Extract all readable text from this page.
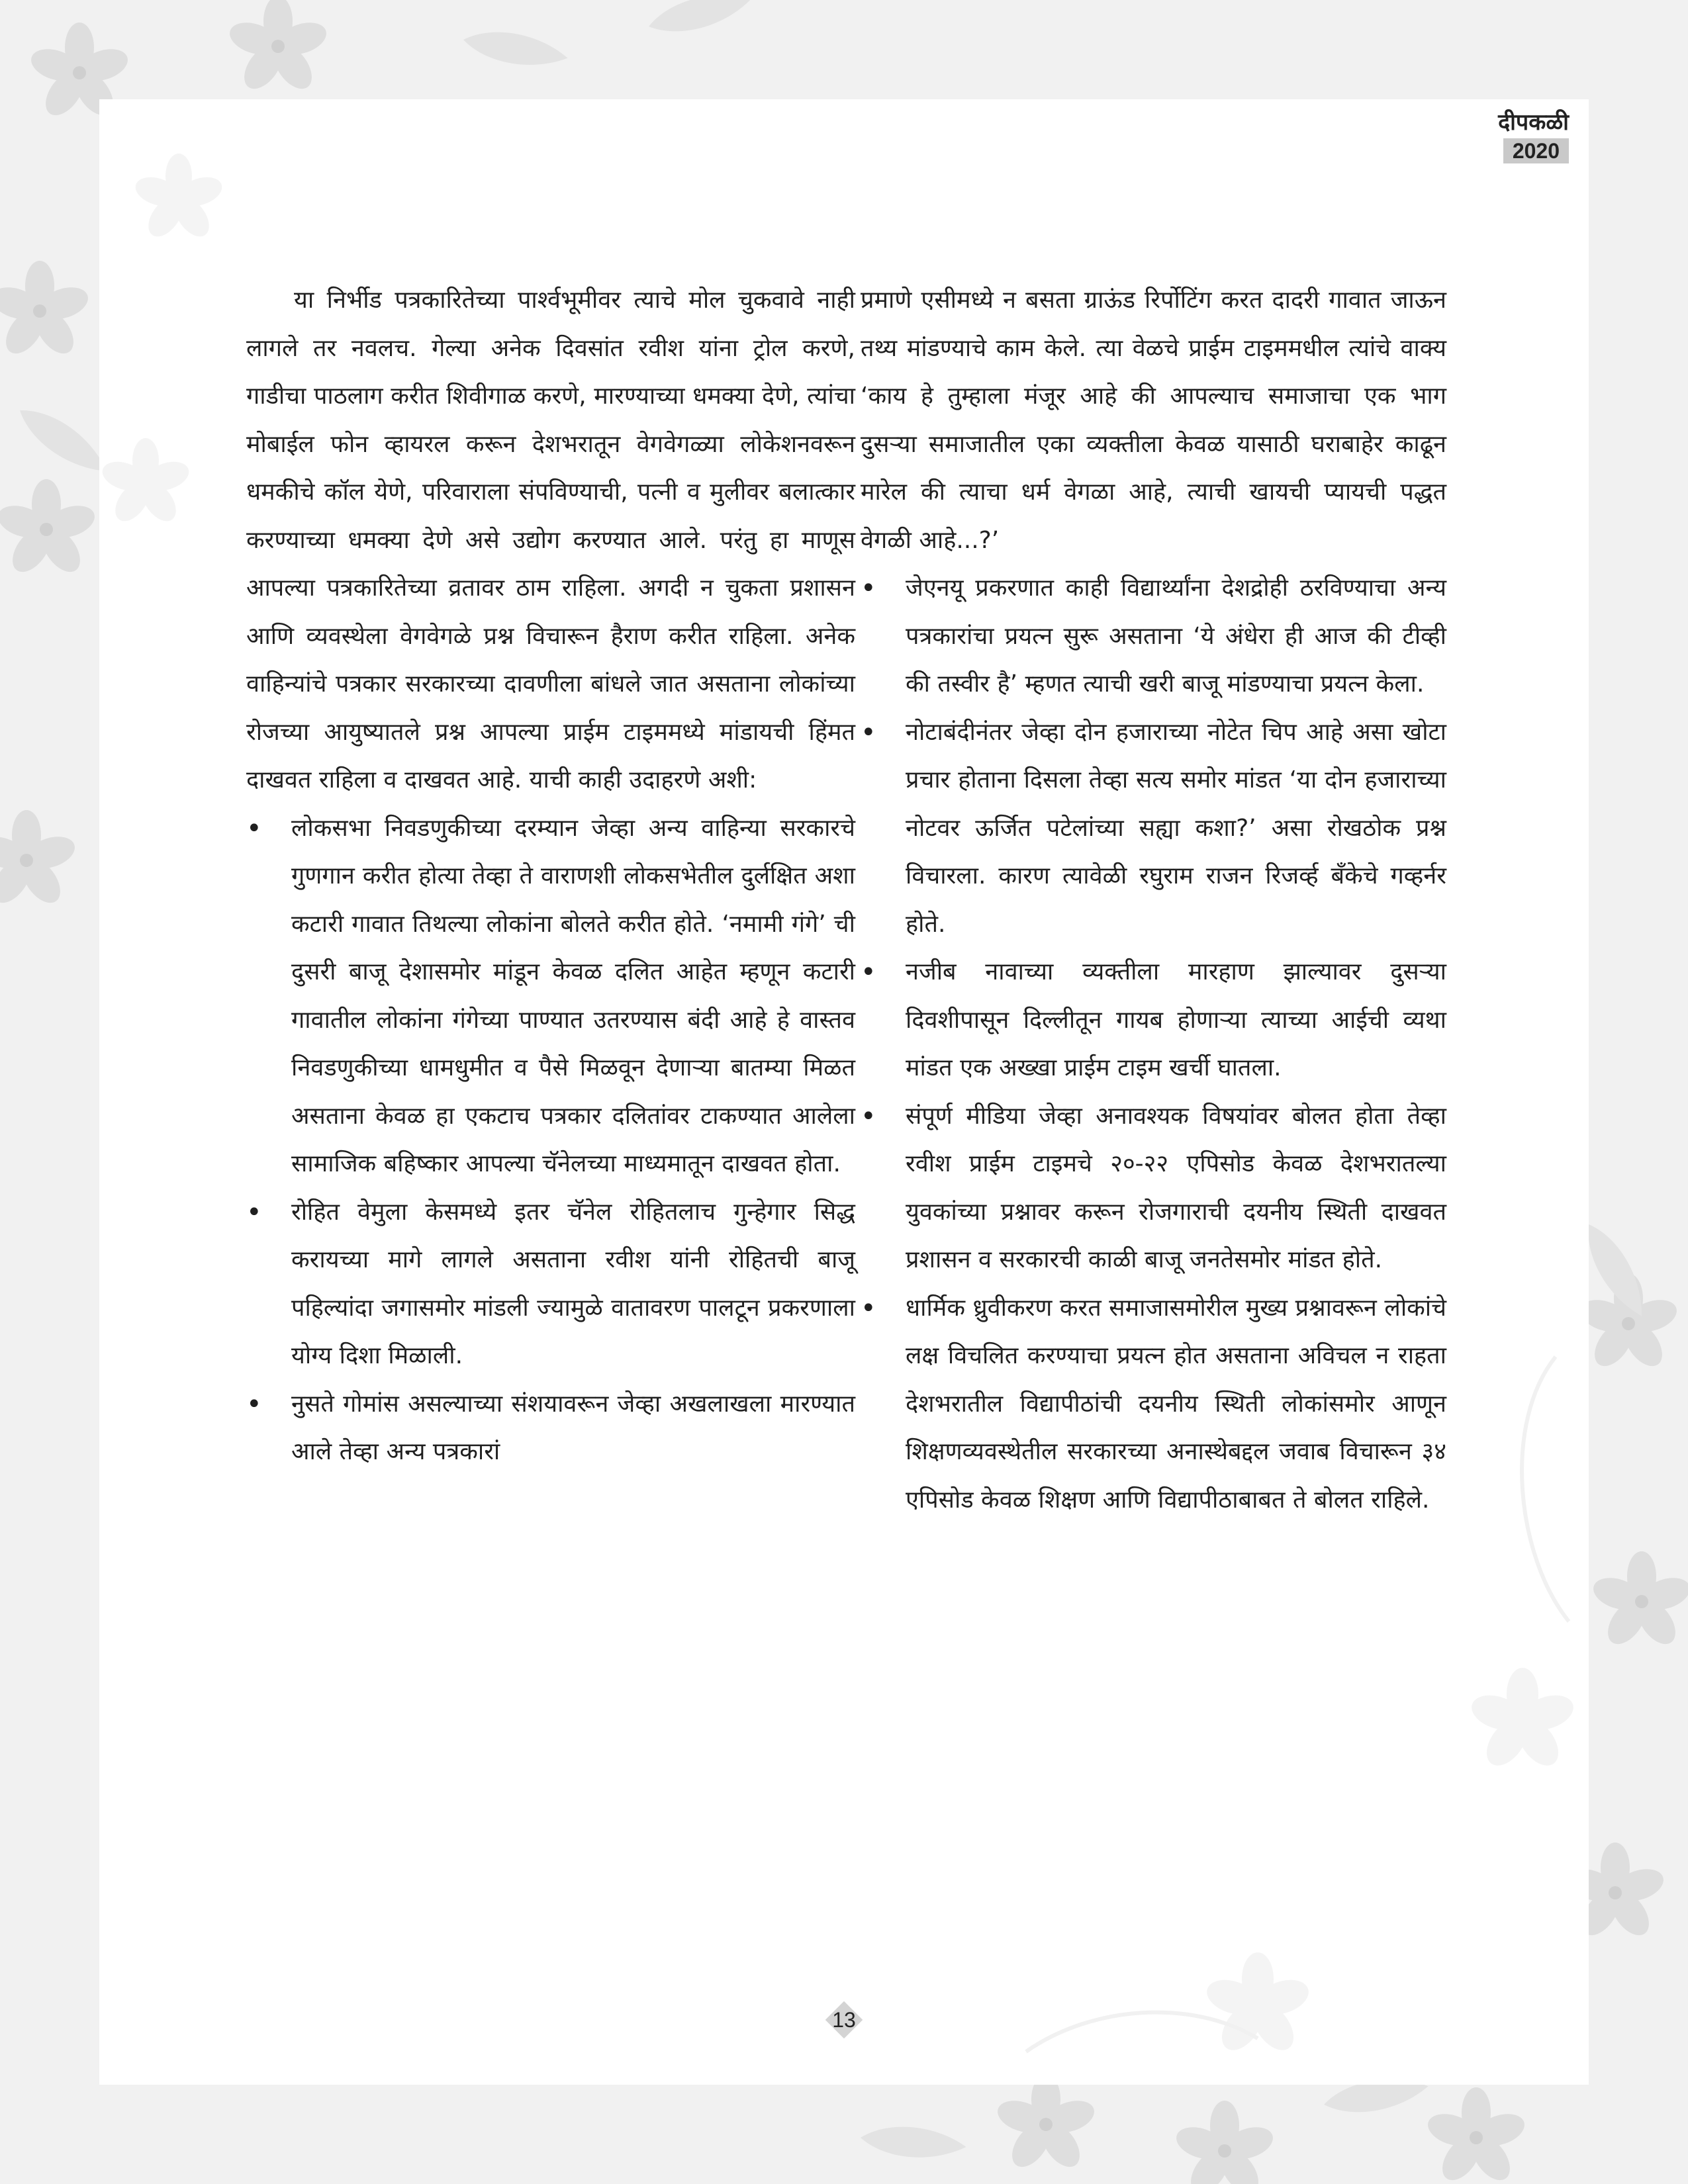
दीपकळी
2020

या निर्भीड पत्रकारितेच्या पार्श्वभूमीवर त्याचे मोल चुकवावे नाही लागले तर नवलच. गेल्या अनेक दिवसांत रवीश यांना ट्रोल करणे, गाडीचा पाठलाग करीत शिवीगाळ करणे, मारण्याच्या धमक्या देणे, त्यांचा मोबाईल फोन व्हायरल करून देशभरातून वेगवेगळ्या लोकेशनवरून धमकीचे कॉल येणे, परिवाराला संपविण्याची, पत्नी व मुलीवर बलात्कार करण्याच्या धमक्या देणे असे उद्योग करण्यात आले. परंतु हा माणूस आपल्या पत्रकारितेच्या व्रतावर ठाम राहिला. अगदी न चुकता प्रशासन आणि व्यवस्थेला वेगवेगळे प्रश्न विचारून हैराण करीत राहिला. अनेक वाहिन्यांचे पत्रकार सरकारच्या दावणीला बांधले जात असताना लोकांच्या रोजच्या आयुष्यातले प्रश्न आपल्या प्राईम टाइममध्ये मांडायची हिंमत दाखवत राहिला व दाखवत आहे. याची काही उदाहरणे अशी:

• लोकसभा निवडणुकीच्या दरम्यान जेव्हा अन्य वाहिन्या सरकारचे गुणगान करीत होत्या तेव्हा ते वाराणशी लोकसभेतील दुर्लक्षित अशा कटारी गावात तिथल्या लोकांना बोलते करीत होते. ‘नमामी गंगे’ ची दुसरी बाजू देशासमोर मांडून केवळ दलित आहेत म्हणून कटारी गावातील लोकांना गंगेच्या पाण्यात उतरण्यास बंदी आहे हे वास्तव निवडणुकीच्या धामधुमीत व पैसे मिळवून देणाऱ्या बातम्या मिळत असताना केवळ हा एकटाच पत्रकार दलितांवर टाकण्यात आलेला सामाजिक बहिष्कार आपल्या चॅनेलच्या माध्यमातून दाखवत होता.
• रोहित वेमुला केसमध्ये इतर चॅनेल रोहितलाच गुन्हेगार सिद्ध करायच्या मागे लागले असताना रवीश यांनी रोहितची बाजू पहिल्यांदा जगासमोर मांडली ज्यामुळे वातावरण पालटून प्रकरणाला योग्य दिशा मिळाली.
• नुसते गोमांस असल्याच्या संशयावरून जेव्हा अखलाखला मारण्यात आले तेव्हा अन्य पत्रकारां

प्रमाणे एसीमध्ये न बसता ग्राऊंड रिर्पोटिंग करत दादरी गावात जाऊन तथ्य मांडण्याचे काम केले. त्या वेळचे प्राईम टाइममधील त्यांचे वाक्य ‘काय हे तुम्हाला मंजूर आहे की आपल्याच समाजाचा एक भाग दुसऱ्या समाजातील एका व्यक्तीला केवळ यासाठी घराबाहेर काढून मारेल की त्याचा धर्म वेगळा आहे, त्याची खायची प्यायची पद्धत वेगळी आहे...?’

• जेएनयू प्रकरणात काही विद्यार्थ्यांना देशद्रोही ठरविण्याचा अन्य पत्रकारांचा प्रयत्न सुरू असताना ‘ये अंधेरा ही आज की टीव्ही की तस्वीर है’ म्हणत त्याची खरी बाजू मांडण्याचा प्रयत्न केला.
• नोटाबंदीनंतर जेव्हा दोन हजाराच्या नोटेत चिप आहे असा खोटा प्रचार होताना दिसला तेव्हा सत्य समोर मांडत ‘या दोन हजाराच्या नोटवर ऊर्जित पटेलांच्या सह्या कशा?’ असा रोखठोक प्रश्न विचारला. कारण त्यावेळी रघुराम राजन रिजर्व्ह बँकेचे गव्हर्नर होते.
• नजीब नावाच्या व्यक्तीला मारहाण झाल्यावर दुसऱ्या दिवशीपासून दिल्लीतून गायब होणाऱ्या त्याच्या आईची व्यथा मांडत एक अख्खा प्राईम टाइम खर्ची घातला.
• संपूर्ण मीडिया जेव्हा अनावश्यक विषयांवर बोलत होता तेव्हा रवीश प्राईम टाइमचे २०-२२ एपिसोड केवळ देशभरातल्या युवकांच्या प्रश्नावर करून रोजगाराची दयनीय स्थिती दाखवत प्रशासन व सरकारची काळी बाजू जनतेसमोर मांडत होते.
• धार्मिक ध्रुवीकरण करत समाजासमोरील मुख्य प्रश्नावरून लोकांचे लक्ष विचलित करण्याचा प्रयत्न होत असताना अविचल न राहता देशभरातील विद्यापीठांची दयनीय स्थिती लोकांसमोर आणून शिक्षणव्यवस्थेतील सरकारच्या अनास्थेबद्दल जवाब विचारून ३४ एपिसोड केवळ शिक्षण आणि विद्यापीठाबाबत ते बोलत राहिले.
13
